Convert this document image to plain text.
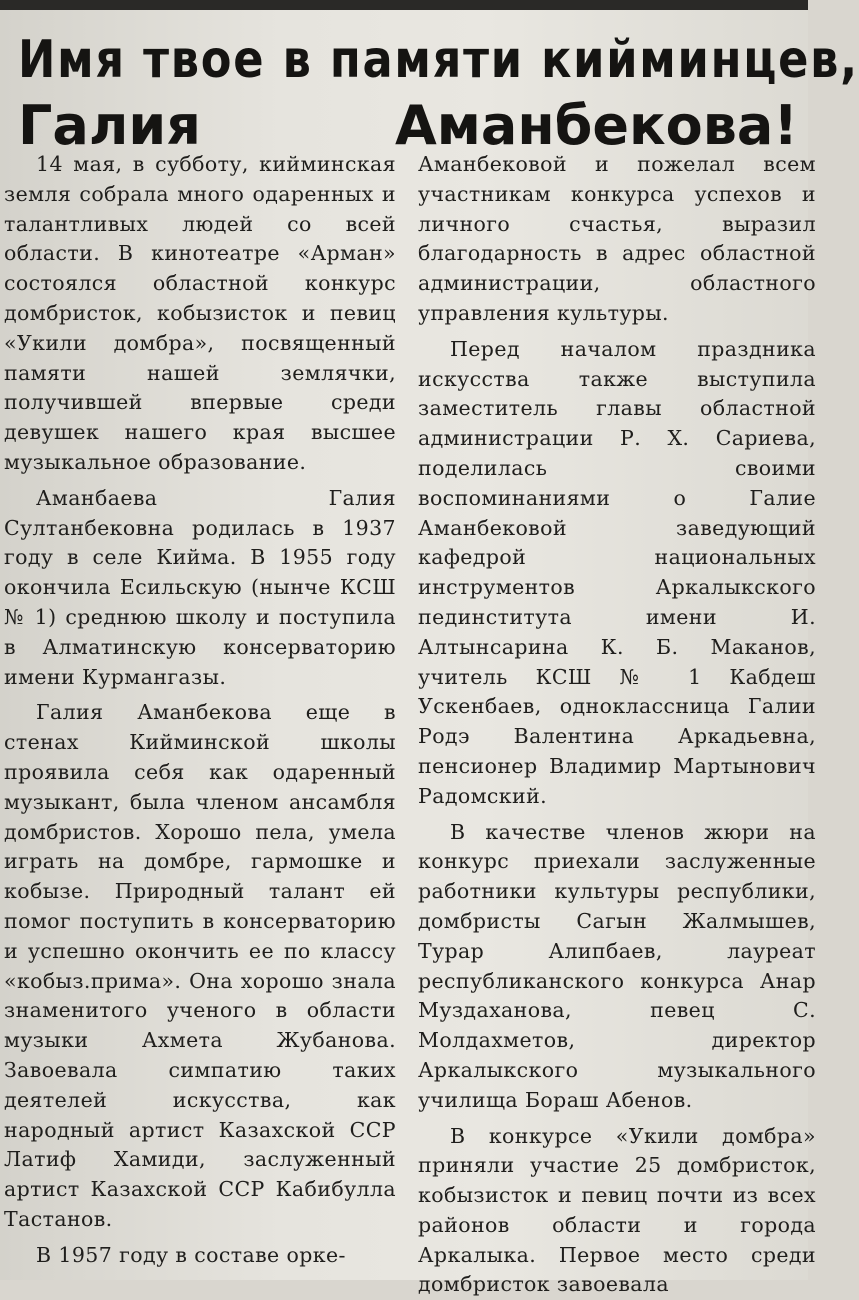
Имя твое в памяти кийминцев,
Галия	Аманбекова!

14 мая, в субботу, кийминская земля собрала много одаренных и талантливых людей со всей области. В кинотеатре «Арман» состоялся областной конкурс домбристок, кобызисток и певиц «Укили домбра», посвященный памяти нашей землячки, получившей впервые среди девушек нашего края высшее музыкальное образование.

Аманбаева Галия Султанбековна родилась в 1937 году в селе Кийма. В 1955 году окончила Есильскую (нынче КСШ № 1) среднюю школу и поступила в Алматинскую консерваторию имени Курмангазы.

Галия Аманбекова еще в стенах Кийминской школы проявила себя как одаренный музыкант, была членом ансамбля домбристов. Хорошо пела, умела играть на домбре, гармошке и кобызе. Природный талант ей помог поступить в консерваторию и успешно окончить ее по классу «кобыз.прима». Она хорошо знала знаменитого ученого в области музыки Ахмета Жубанова. Завоевала симпатию таких деятелей искусства, как народный артист Казахской ССР Латиф Хамиди, заслуженный артист Казахской ССР Кабибулла Тастанов.

В 1957 году в составе орке-

Аманбековой и пожелал всем участникам конкурса успехов и личного счастья, выразил благодарность в адрес областной администрации, областного управления культуры.

Перед началом праздника искусства также выступила заместитель главы областной администрации Р. Х. Сариева, поделилась своими воспоминаниями о Галие Аманбековой заведующий кафедрой национальных инструментов Аркалыкского пединститута имени И. Алтынсарина К. Б. Маканов, учитель КСШ № 1 Кабдеш Ускенбаев, одноклассница Галии Родэ Валентина Аркадьевна, пенсионер Владимир Мартынович Радомский.

В качестве членов жюри на конкурс приехали заслуженные работники культуры республики, домбристы Сагын Жалмышев, Турар Алипбаев, лауреат республиканского конкурса Анар Муздаханова, певец С. Молдахметов, директор Аркалыкского музыкального училища Бораш Абенов.

В конкурсе «Укили домбра» приняли участие 25 домбристок, кобызисток и певиц почти из всех районов области и города Аркалыка. Первое место среди домбристок завоевала
